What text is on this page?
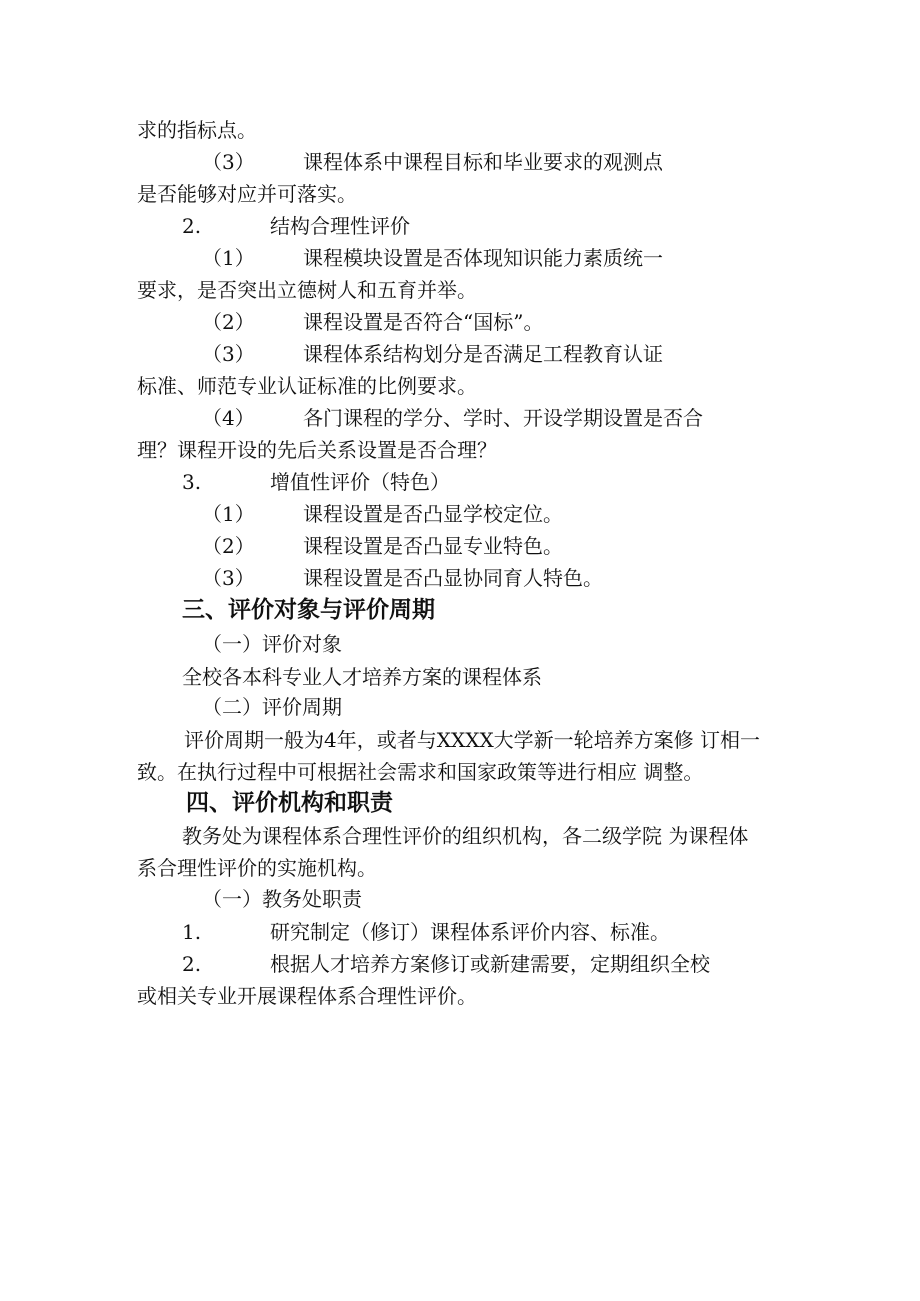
求的指标点。
（3） 课程体系中课程目标和毕业要求的观测点
是否能够对应并可落实。
2.	结构合理性评价
（1） 课程模块设置是否体现知识能力素质统一
要求，是否突出立德树人和五育并举。
（2） 课程设置是否符合“国标”。
（3） 课程体系结构划分是否满足工程教育认证
标准、师范专业认证标准的比例要求。
（4） 各门课程的学分、学时、开设学期设置是否合
理？课程开设的先后关系设置是否合理？
3.	增值性评价（特色）
（1） 课程设置是否凸显学校定位。
（2） 课程设置是否凸显专业特色。
（3） 课程设置是否凸显协同育人特色。
三、评价对象与评价周期
（一）评价对象
全校各本科专业人才培养方案的课程体系
（二）评价周期
评价周期一般为4年，或者与XXXX大学新一轮培养方案修 订相一
致。在执行过程中可根据社会需求和国家政策等进行相应 调整。
四、评价机构和职责
教务处为课程体系合理性评价的组织机构，各二级学院 为课程体
系合理性评价的实施机构。
（一）教务处职责
1.	研究制定（修订）课程体系评价内容、标准。
2.	根据人才培养方案修订或新建需要，定期组织全校
或相关专业开展课程体系合理性评价。
